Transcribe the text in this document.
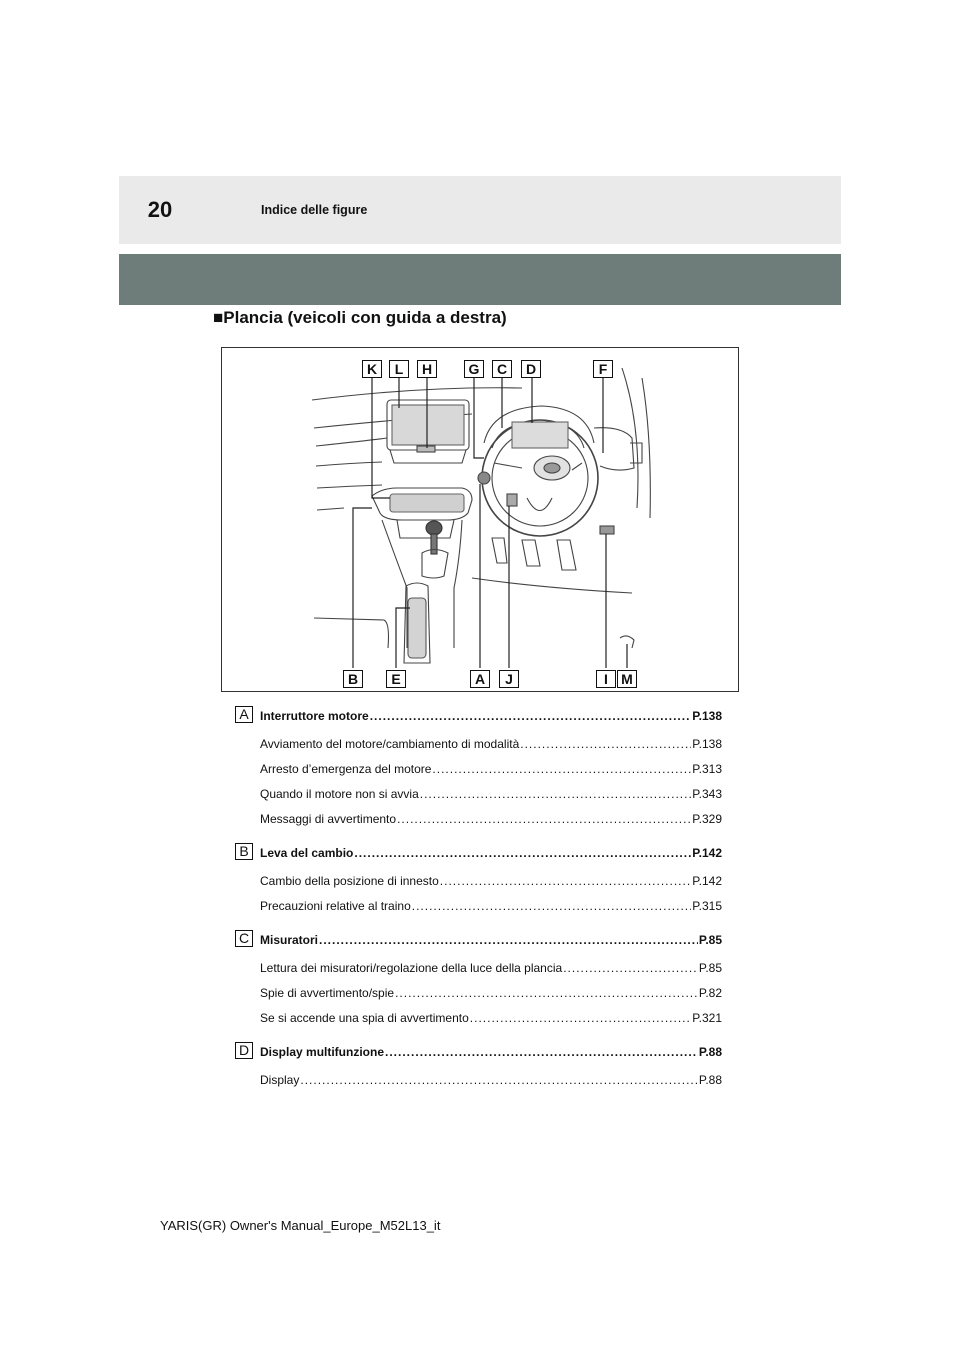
20	Indice delle figure
■Plancia (veicoli con guida a destra)
K	L	H	G	C	D	F
B	E	A	J	I M
A Interruttore motore .....	P.138
Avviamento del motore/cambiamento di modalità .....	P.138
Arresto d’emergenza del motore .....	P.313
Quando il motore non si avvia .....	P.343
Messaggi di avvertimento .....	P.329
B Leva del cambio .....	P.142
Cambio della posizione di innesto .....	P.142
Precauzioni relative al traino .....	P.315
C Misuratori .....	P.85
Lettura dei misuratori/regolazione della luce della plancia .....	P.85
Spie di avvertimento/spie .....	P.82
Se si accende una spia di avvertimento .....	P.321
D Display multifunzione .....	P.88
Display .....	P.88
YARIS(GR) Owner's Manual_Europe_M52L13_it
